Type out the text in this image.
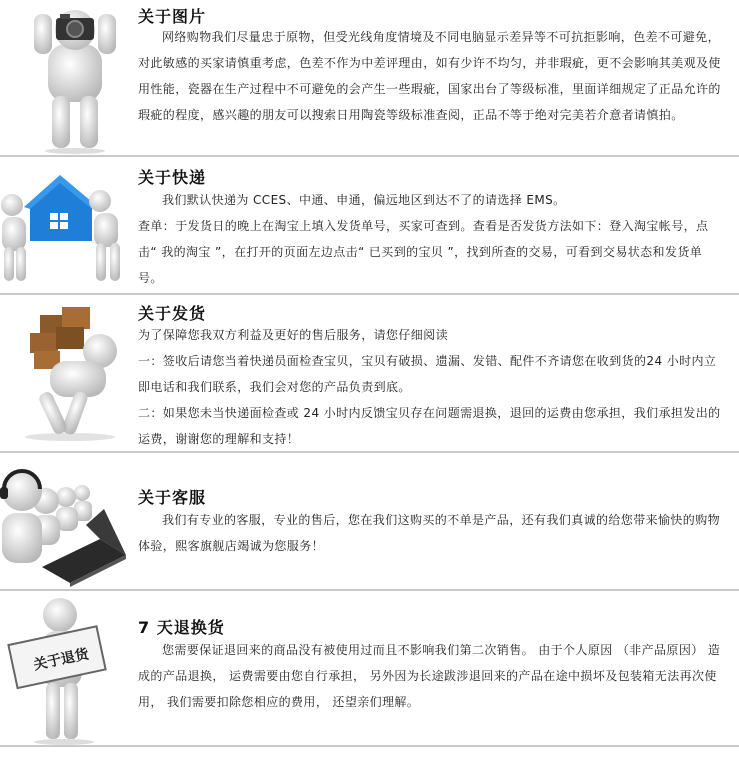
关于图片

网络购物我们尽量忠于原物，但受光线角度情境及不同电脑显示差异等不可抗拒影响，色差不可避免，对此敏感的买家请慎重考虑，色差不作为中差评理由，如有少许不均匀，并非瑕疵，更不会影响其美观及使用性能，瓷器在生产过程中不可避免的会产生一些瑕疵，国家出台了等级标准，里面详细规定了正品允许的瑕疵的程度，感兴趣的朋友可以搜索日用陶瓷等级标准查阅，正品不等于绝对完美若介意者请慎拍。

关于快递

我们默认快递为 CCES、中通、申通，偏远地区到达不了的请选择 EMS。

查单：于发货日的晚上在淘宝上填入发货单号，买家可查到。查看是否发货方法如下：登入淘宝帐号，点击“ 我的淘宝 ”，在打开的页面左边点击“ 已买到的宝贝 ”，找到所查的交易，可看到交易状态和发货单号。

关于发货

为了保障您我双方利益及更好的售后服务，请您仔细阅读

一：签收后请您当着快递员面检查宝贝，宝贝有破损、遗漏、发错、配件不齐请您在收到货的24 小时内立即电话和我们联系，我们会对您的产品负责到底。

二：如果您未当快递面检查或 24 小时内反馈宝贝存在问题需退换，退回的运费由您承担，我们承担发出的运费，谢谢您的理解和支持！

关于客服

我们有专业的客服，专业的售后，您在我们这购买的不单是产品，还有我们真诚的给您带来愉快的购物体验，熙客旗舰店竭诚为您服务！

关于退货
7 天退换货

您需要保证退回来的商品没有被使用过而且不影响我们第二次销售。 由于个人原因 （非产品原因） 造成的产品退换， 运费需要由您自行承担， 另外因为长途跋涉退回来的产品在途中损坏及包装箱无法再次使用， 我们需要扣除您相应的费用， 还望亲们理解。
